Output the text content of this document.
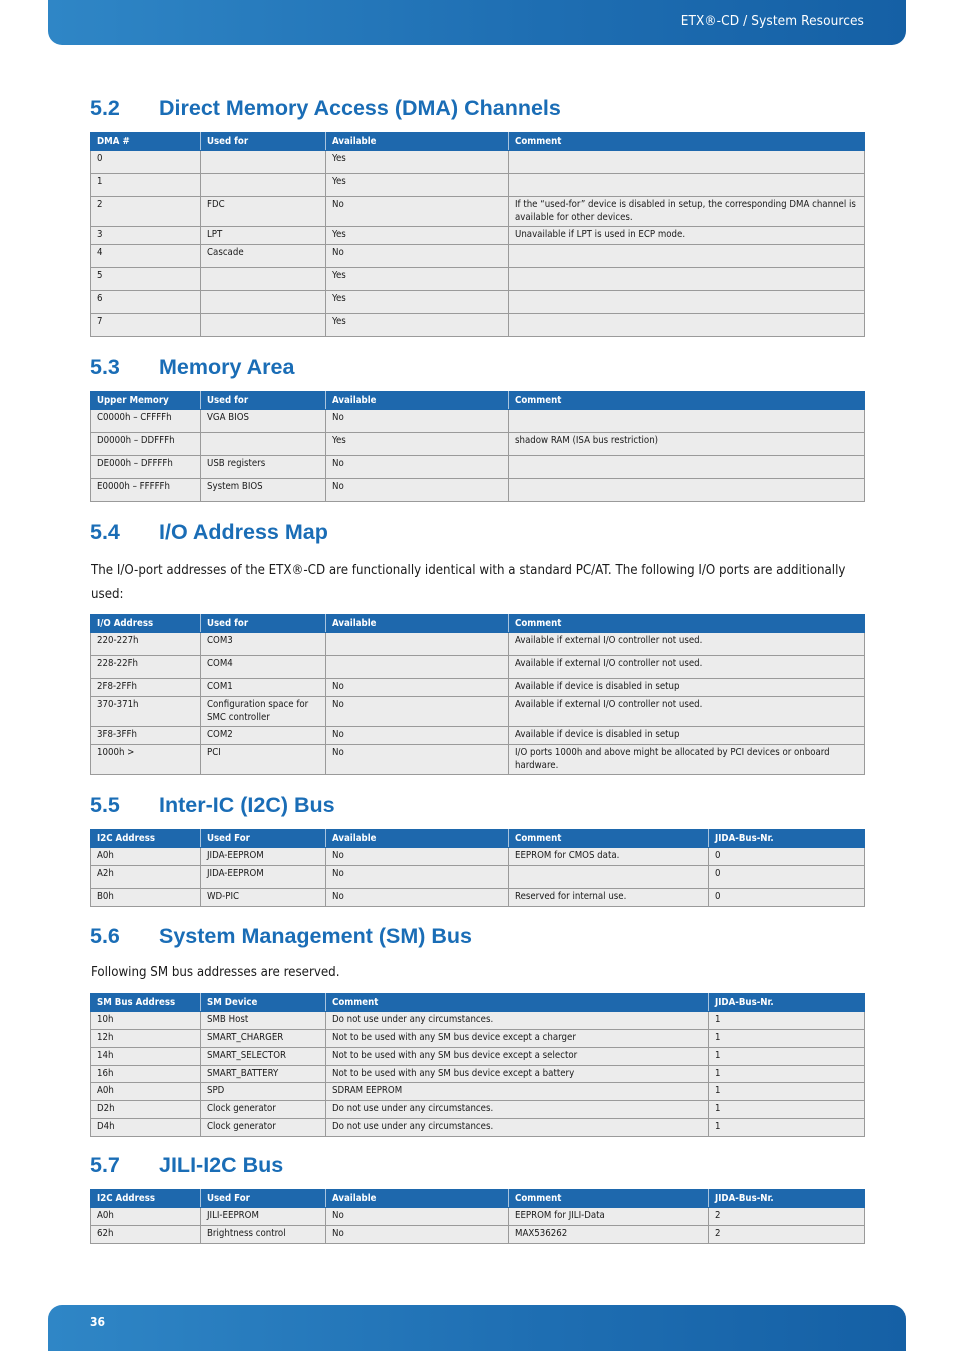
ETX®-CD / System Resources
5.2 Direct Memory Access (DMA) Channels
DMA #	Used for	Available	Comment
0		Yes	
1		Yes	
2	FDC	No	If the “used-for” device is disabled in setup, the corresponding DMA channel is available for other devices.
3	LPT	Yes	Unavailable if LPT is used in ECP mode.
4	Cascade	No	
5		Yes	
6		Yes	
7		Yes	
5.3 Memory Area
Upper Memory	Used for	Available	Comment
C0000h – CFFFFh	VGA BIOS	No	
D0000h – DDFFFh		Yes	shadow RAM (ISA bus restriction)
DE000h – DFFFFh	USB registers	No	
E0000h – FFFFFh	System BIOS	No	
5.4 I/O Address Map

The I/O-port addresses of the ETX®-CD are functionally identical with a standard PC/AT. The following I/O ports are additionally used:

I/O Address	Used for	Available	Comment
220-227h	COM3		Available if external I/O controller not used.
228-22Fh	COM4		Available if external I/O controller not used.
2F8-2FFh	COM1	No	Available if device is disabled in setup
370-371h	Configuration space for SMC controller	No	Available if external I/O controller not used.
3F8-3FFh	COM2	No	Available if device is disabled in setup
1000h >	PCI	No	I/O ports 1000h and above might be allocated by PCI devices or onboard hardware.
5.5 Inter-IC (I2C) Bus
I2C Address	Used For	Available	Comment	JIDA-Bus-Nr.
A0h	JIDA-EEPROM	No	EEPROM for CMOS data.	0
A2h	JIDA-EEPROM	No		0
B0h	WD-PIC	No	Reserved for internal use.	0
5.6 System Management (SM) Bus

Following SM bus addresses are reserved.

SM Bus Address	SM Device	Comment	JIDA-Bus-Nr.
10h	SMB Host	Do not use under any circumstances.	1
12h	SMART_CHARGER	Not to be used with any SM bus device except a charger	1
14h	SMART_SELECTOR	Not to be used with any SM bus device except a selector	1
16h	SMART_BATTERY	Not to be used with any SM bus device except a battery	1
A0h	SPD	SDRAM EEPROM	1
D2h	Clock generator	Do not use under any circumstances.	1
D4h	Clock generator	Do not use under any circumstances.	1
5.7 JILI-I2C Bus
I2C Address	Used For	Available	Comment	JIDA-Bus-Nr.
A0h	JILI-EEPROM	No	EEPROM for JILI-Data	2
62h	Brightness control	No	MAX536262	2
36
